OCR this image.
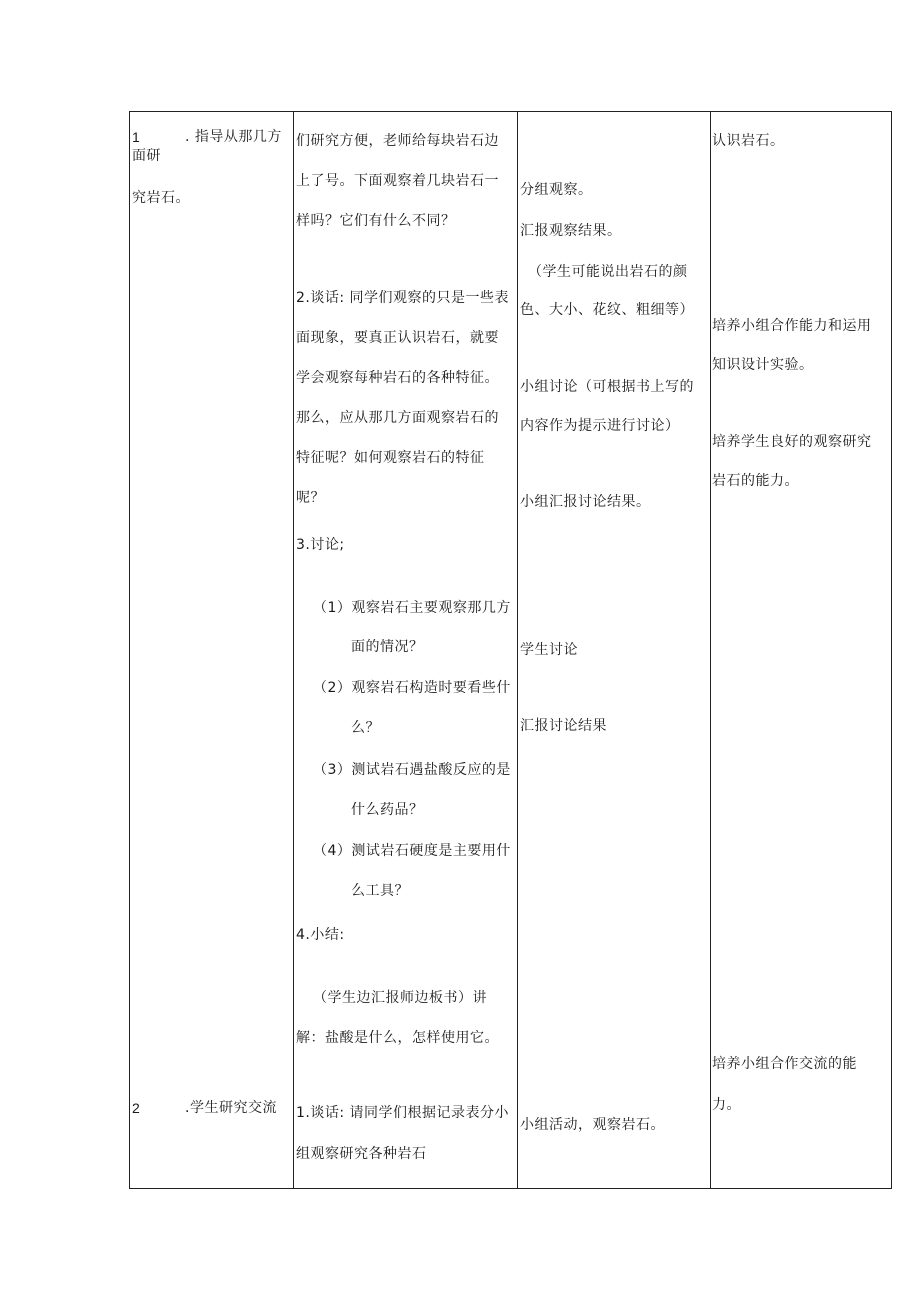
1	. 指导从那几方
面研
究岩石。
2	.学生研究交流
们研究方便，老师给每块岩石边
上了号。下面观察着几块岩石一
样吗？它们有什么不同？
2.谈话: 同学们观察的只是一些表
面现象，要真正认识岩石，就要
学会观察每种岩石的各种特征。
那么，应从那几方面观察岩石的
特征呢？如何观察岩石的特征
呢？
3.讨论;
（1）观察岩石主要观察那几方
面的情况？
（2）观察岩石构造时要看些什
么？
（3）测试岩石遇盐酸反应的是
什么药品？
（4）测试岩石硬度是主要用什
么工具？
4.小结:
（学生边汇报师边板书）讲
解：盐酸是什么，怎样使用它。
1.谈话: 请同学们根据记录表分小
组观察研究各种岩石
分组观察。
汇报观察结果。
（学生可能说出岩石的颜
色、大小、花纹、粗细等）
小组讨论（可根据书上写的
内容作为提示进行讨论）
小组汇报讨论结果。
学生讨论
汇报讨论结果
小组活动，观察岩石。
认识岩石。
培养小组合作能力和运用
知识设计实验。
培养学生良好的观察研究
岩石的能力。
培养小组合作交流的能
力。
